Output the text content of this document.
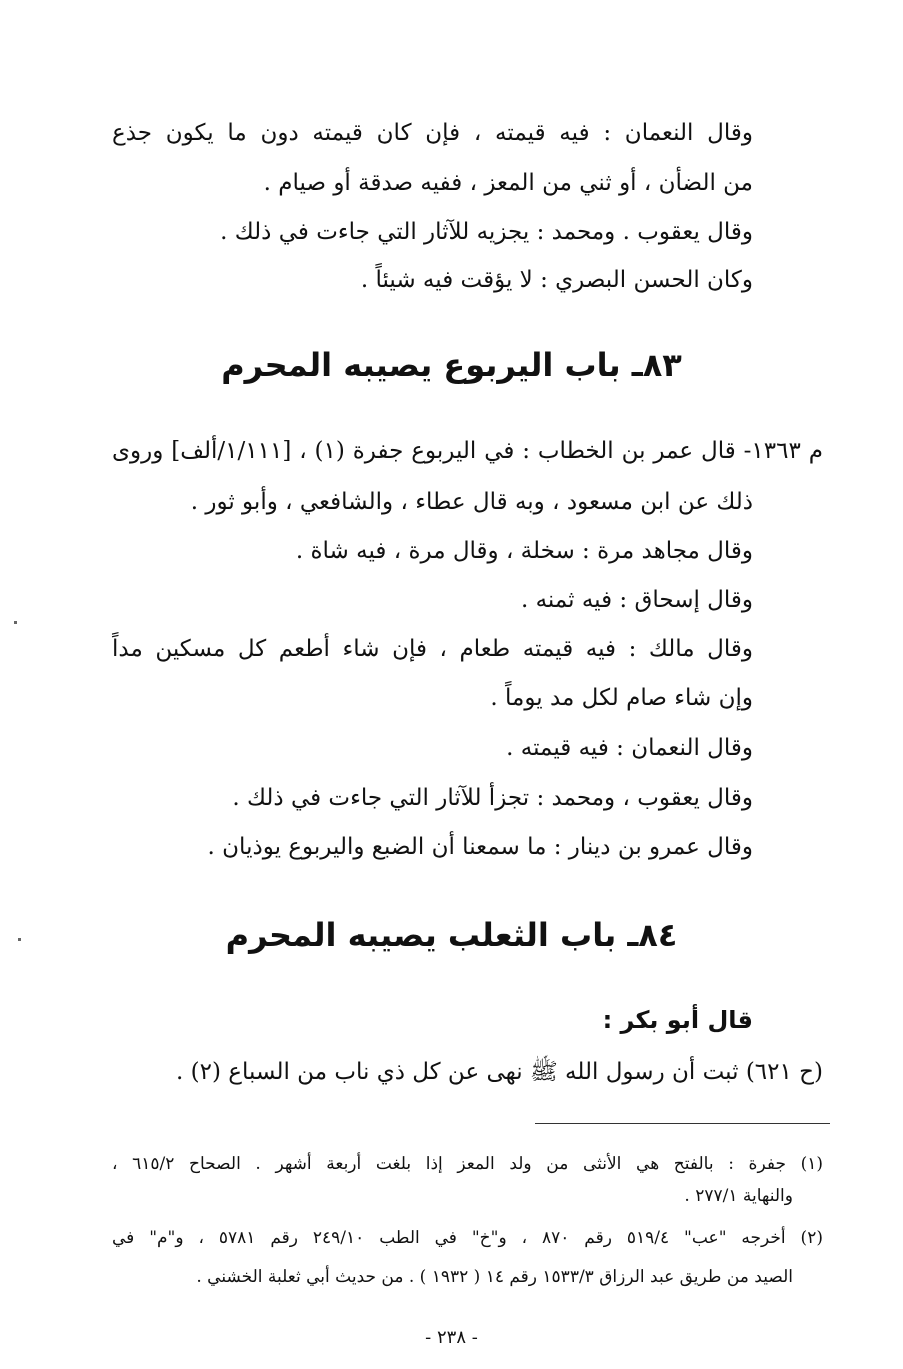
وقال النعمان : فيه قيمته ، فإن كان قيمته دون ما يكون جذع
من الضأن ، أو ثني من المعز ، ففيه صدقة أو صيام .
وقال يعقوب . ومحمد : يجزيه للآثار التي جاءت في ذلك .
وكان الحسن البصري : لا يؤقت فيه شيئاً .
٨٣ـ باب اليربوع يصيبه المحرم
م ١٣٦٣- قال عمر بن الخطاب : في اليربوع جفرة (١) ، [١/١١١/ألف] وروى
ذلك عن ابن مسعود ، وبه قال عطاء ، والشافعي ، وأبو ثور .
وقال مجاهد مرة : سخلة ، وقال مرة ، فيه شاة .
وقال إسحاق : فيه ثمنه .
وقال مالك : فيه قيمته طعام ، فإن شاء أطعم كل مسكين مداً
وإن شاء صام لكل مد يوماً .
وقال النعمان : فيه قيمته .
وقال يعقوب ، ومحمد : تجزأ للآثار التي جاءت في ذلك .
وقال عمرو بن دينار : ما سمعنا أن الضبع واليربوع يوذيان .
٨٤ـ باب الثعلب يصيبه المحرم
قال أبو بكر :
(ح ٦٢١) ثبت أن رسول الله ﷺ نهى عن كل ذي ناب من السباع (٢) .
(١) جفرة : بالفتح هي الأنثى من ولد المعز إذا بلغت أربعة أشهر . الصحاح ٦١٥/٢ ،
والنهاية ٢٧٧/١ .
(٢) أخرجه "عب" ٥١٩/٤ رقم ٨٧٠ ، و"خ" في الطب ٢٤٩/١٠ رقم ٥٧٨١ ، و"م" في
الصيد من طريق عبد الرزاق ١٥٣٣/٣ رقم ١٤ ( ١٩٣٢ ) . من حديث أبي ثعلبة الخشني .
- ٢٣٨ -
